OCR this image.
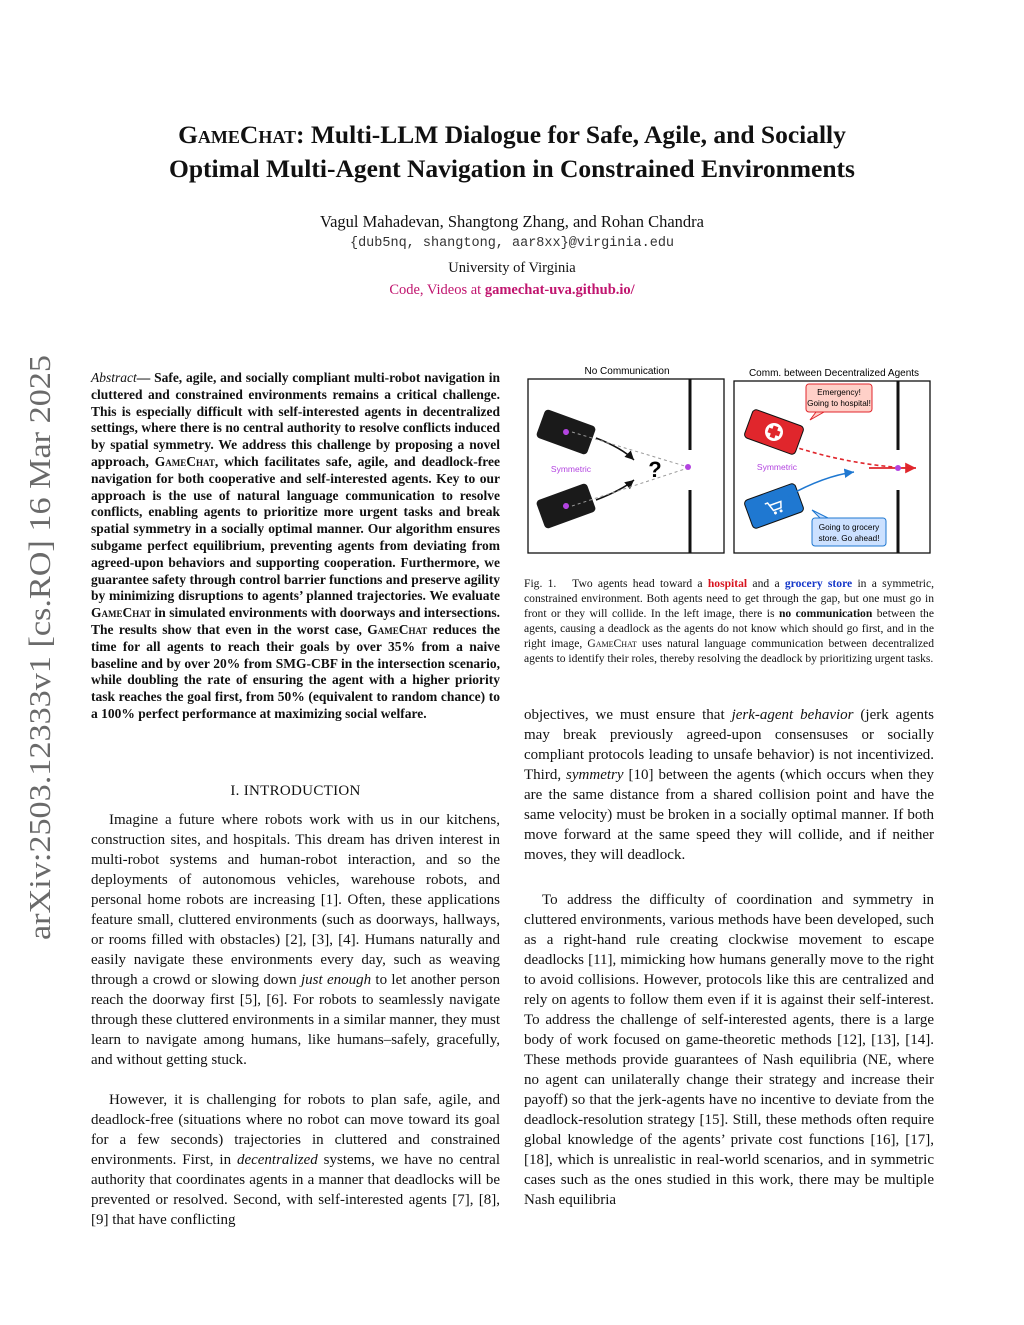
arXiv:2503.12333v1 [cs.RO] 16 Mar 2025
GameChat: Multi-LLM Dialogue for Safe, Agile, and Socially
Optimal Multi-Agent Navigation in Constrained Environments
Vagul Mahadevan, Shangtong Zhang, and Rohan Chandra
{dub5nq, shangtong, aar8xx}@virginia.edu
University of Virginia
Code, Videos at gamechat-uva.github.io/
Abstract— Safe, agile, and socially compliant multi-robot navigation in cluttered and constrained environments remains a critical challenge. This is especially difficult with self-interested agents in decentralized settings, where there is no central authority to resolve conflicts induced by spatial symmetry. We address this challenge by proposing a novel approach, GameChat, which facilitates safe, agile, and deadlock-free navigation for both cooperative and self-interested agents. Key to our approach is the use of natural language communication to resolve conflicts, enabling agents to prioritize more urgent tasks and break spatial symmetry in a socially optimal manner. Our algorithm ensures subgame perfect equilibrium, preventing agents from deviating from agreed-upon behaviors and supporting cooperation. Furthermore, we guarantee safety through control barrier functions and preserve agility by minimizing disruptions to agents’ planned trajectories. We evaluate GameChat in simulated environments with doorways and intersections. The results show that even in the worst case, GameChat reduces the time for all agents to reach their goals by over 35% from a naive baseline and by over 20% from SMG-CBF in the intersection scenario, while doubling the rate of ensuring the agent with a higher priority task reaches the goal first, from 50% (equivalent to random chance) to a 100% perfect performance at maximizing social welfare.
I. INTRODUCTION

Imagine a future where robots work with us in our kitchens, construction sites, and hospitals. This dream has driven interest in multi-robot systems and human-robot interaction, and so the deployments of autonomous vehicles, warehouse robots, and personal home robots are increasing [1]. Often, these applications feature small, cluttered environments (such as doorways, hallways, or rooms filled with obstacles) [2], [3], [4]. Humans naturally and easily navigate these environments every day, such as weaving through a crowd or slowing down just enough to let another person reach the doorway first [5], [6]. For robots to seamlessly navigate through these cluttered environments in a similar manner, they must learn to navigate among humans, like humans–safely, gracefully, and without getting stuck.

However, it is challenging for robots to plan safe, agile, and deadlock-free (situations where no robot can move toward its goal for a few seconds) trajectories in cluttered and constrained environments. First, in decentralized systems, we have no central authority that coordinates agents in a manner that deadlocks will be prevented or resolved. Second, with self-interested agents [7], [8], [9] that have conflicting

No Communication
Symmetric	?
Comm. between Decentralized Agents
Symmetric
Emergency!
Going to hospital!
Going to grocery
store. Go ahead!
Fig. 1. Two agents head toward a hospital and a grocery store in a symmetric, constrained environment. Both agents need to get through the gap, but one must go in front or they will collide. In the left image, there is no communication between the agents, causing a deadlock as the agents do not know which should go first, and in the right image, GameChat uses natural language communication between decentralized agents to identify their roles, thereby resolving the deadlock by prioritizing urgent tasks.

objectives, we must ensure that jerk-agent behavior (jerk agents may break previously agreed-upon consensuses or socially compliant protocols leading to unsafe behavior) is not incentivized. Third, symmetry [10] between the agents (which occurs when they are the same distance from a shared collision point and have the same velocity) must be broken in a socially optimal manner. If both move forward at the same speed they will collide, and if neither moves, they will deadlock.

To address the difficulty of coordination and symmetry in cluttered environments, various methods have been developed, such as a right-hand rule creating clockwise movement to escape deadlocks [11], mimicking how humans generally move to the right to avoid collisions. However, protocols like this are centralized and rely on agents to follow them even if it is against their self-interest. To address the challenge of self-interested agents, there is a large body of work focused on game-theoretic methods [12], [13], [14]. These methods provide guarantees of Nash equilibria (NE, where no agent can unilaterally change their strategy and increase their payoff) so that the jerk-agents have no incentive to deviate from the deadlock-resolution strategy [15]. Still, these methods often require global knowledge of the agents’ private cost functions [16], [17], [18], which is unrealistic in real-world scenarios, and in symmetric cases such as the ones studied in this work, there may be multiple Nash equilibria
